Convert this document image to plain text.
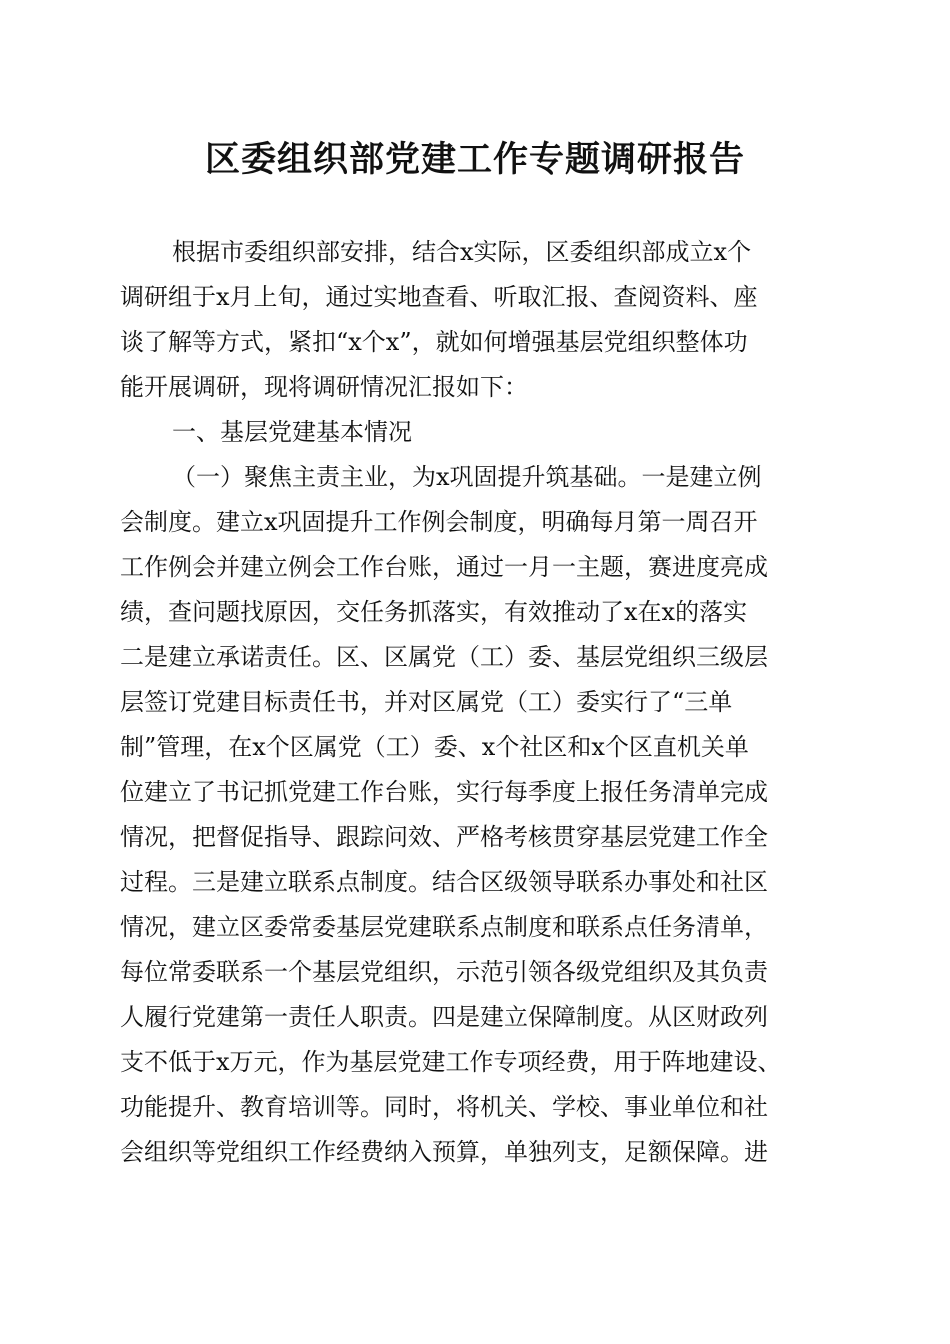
区委组织部党建工作专题调研报告
根据市委组织部安排，结合x实际，区委组织部成立x个
调研组于x月上旬，通过实地查看、听取汇报、查阅资料、座
谈了解等方式，紧扣“x个x”，就如何增强基层党组织整体功
能开展调研，现将调研情况汇报如下：
一、基层党建基本情况
（一）聚焦主责主业，为x巩固提升筑基础。一是建立例
会制度。建立x巩固提升工作例会制度，明确每月第一周召开
工作例会并建立例会工作台账，通过一月一主题，赛进度亮成
绩，查问题找原因，交任务抓落实，有效推动了x在x的落实
二是建立承诺责任。区、区属党（工）委、基层党组织三级层
层签订党建目标责任书，并对区属党（工）委实行了“三单
制”管理，在x个区属党（工）委、x个社区和x个区直机关单
位建立了书记抓党建工作台账，实行每季度上报任务清单完成
情况，把督促指导、跟踪问效、严格考核贯穿基层党建工作全
过程。三是建立联系点制度。结合区级领导联系办事处和社区
情况，建立区委常委基层党建联系点制度和联系点任务清单，
每位常委联系一个基层党组织，示范引领各级党组织及其负责
人履行党建第一责任人职责。四是建立保障制度。从区财政列
支不低于x万元，作为基层党建工作专项经费，用于阵地建设、
功能提升、教育培训等。同时，将机关、学校、事业单位和社
会组织等党组织工作经费纳入预算，单独列支，足额保障。进
